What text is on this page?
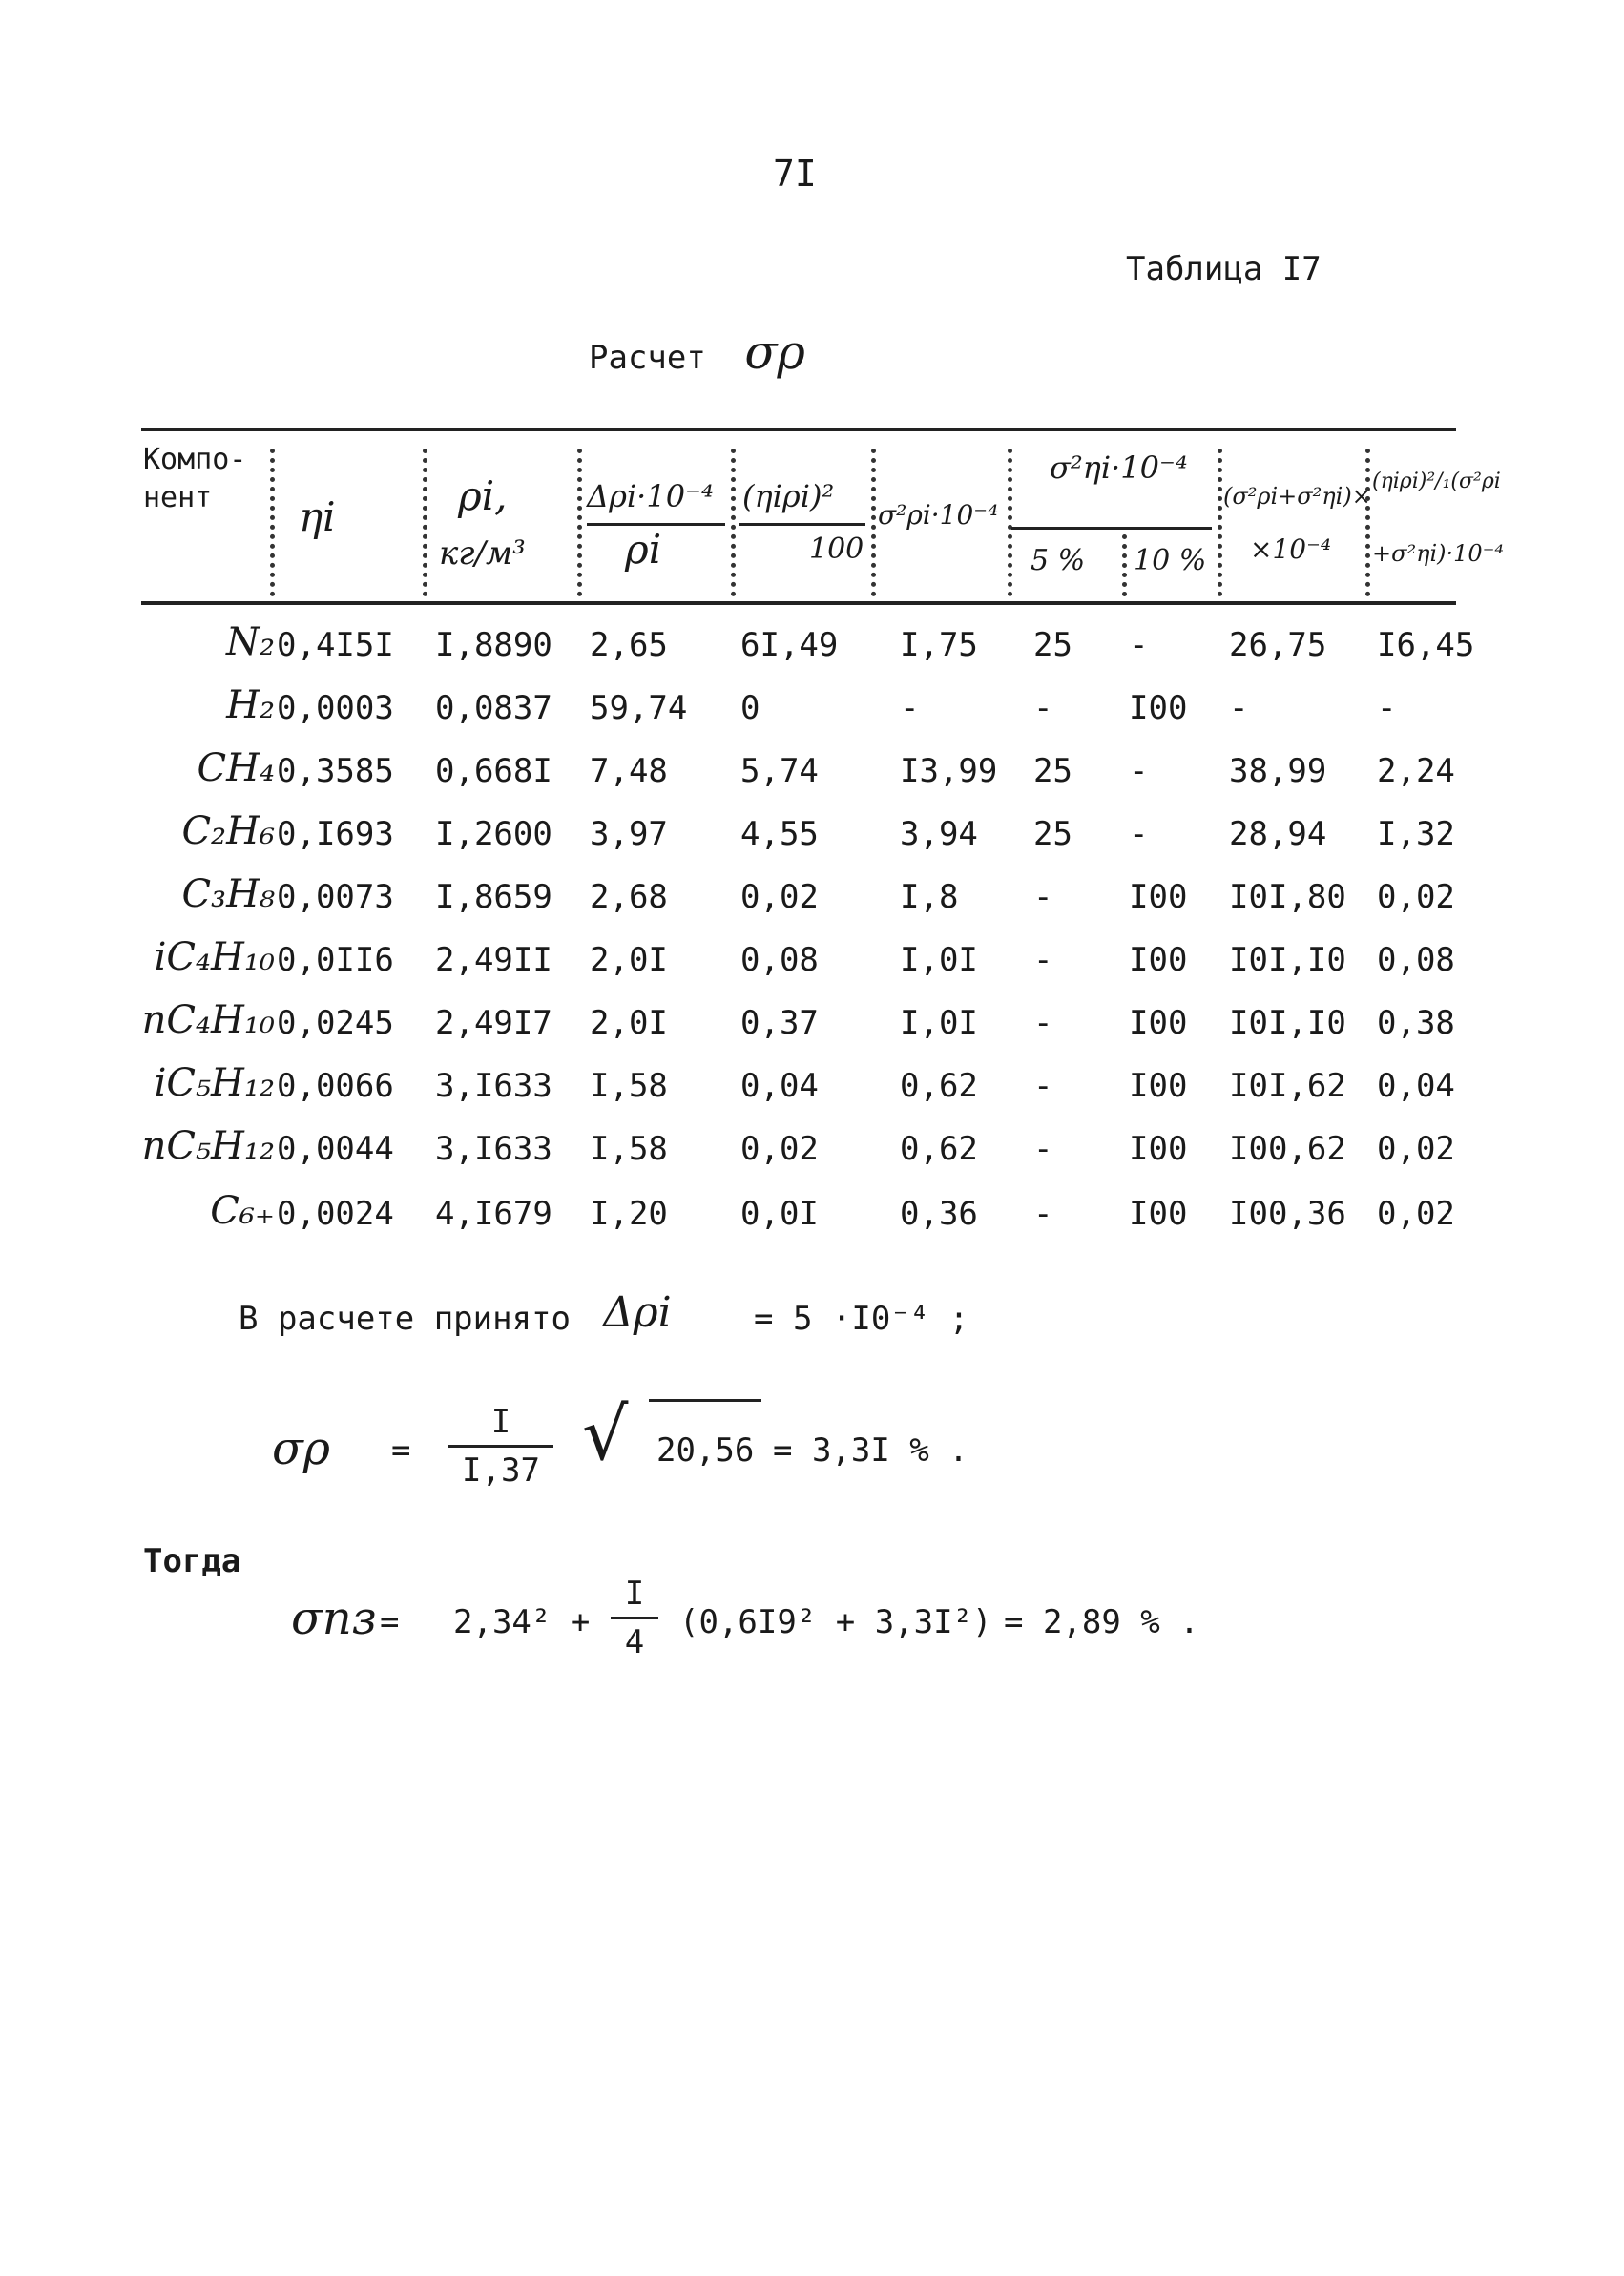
7I
Таблица I7
Расчет σρ
Компо-
нент	ηi	ρi,
кг/м³
Δρi·10⁻⁴
ρi
(ηiρi)²
100
σ²ρi·10⁻⁴
σ²ηi·10⁻⁴
5 % 10 %
(σ²ρi+σ²ηi)×
×10⁻⁴
(ηiρi)²/₁(σ²ρi
+σ²ηi)·10⁻⁴
N₂ 0,4I5I I,8890 2,65 6I,49 I,75 25 - 26,75 I6,45
H₂ 0,0003 0,0837 59,74 0	-	- I00 -	-
CH₄ 0,3585 0,668I 7,48 5,74	I3,99 25 - 38,99 2,24
C₂H₆ 0,I693 I,2600 3,97 4,55	3,94 25 - 28,94 I,32
C₃H₈ 0,0073 I,8659 2,68 0,02	I,8 - I00 I0I,80 0,02
iC₄H₁₀ 0,0II6 2,49II 2,0I 0,08	I,0I - I00 I0I,I0 0,08
nC₄H₁₀ 0,0245 2,49I7 2,0I 0,37	I,0I - I00 I0I,I0 0,38
iC₅H₁₂ 0,0066 3,I633 I,58 0,04	0,62 - I00 I0I,62 0,04
nC₅H₁₂ 0,0044 3,I633 I,58 0,02	0,62 - I00 I00,62 0,02
C₆₊ 0,0024 4,I679 I,20 0,0I	0,36 - I00 I00,36 0,02
В расчете принято Δρi	= 5 ·I0⁻⁴ ;
σρ =
I
I,37 √ 20,56 = 3,3I % .
Тогда
σпз = 2,34² +
I
4
(0,6I9² + 3,3I²) = 2,89 % .
